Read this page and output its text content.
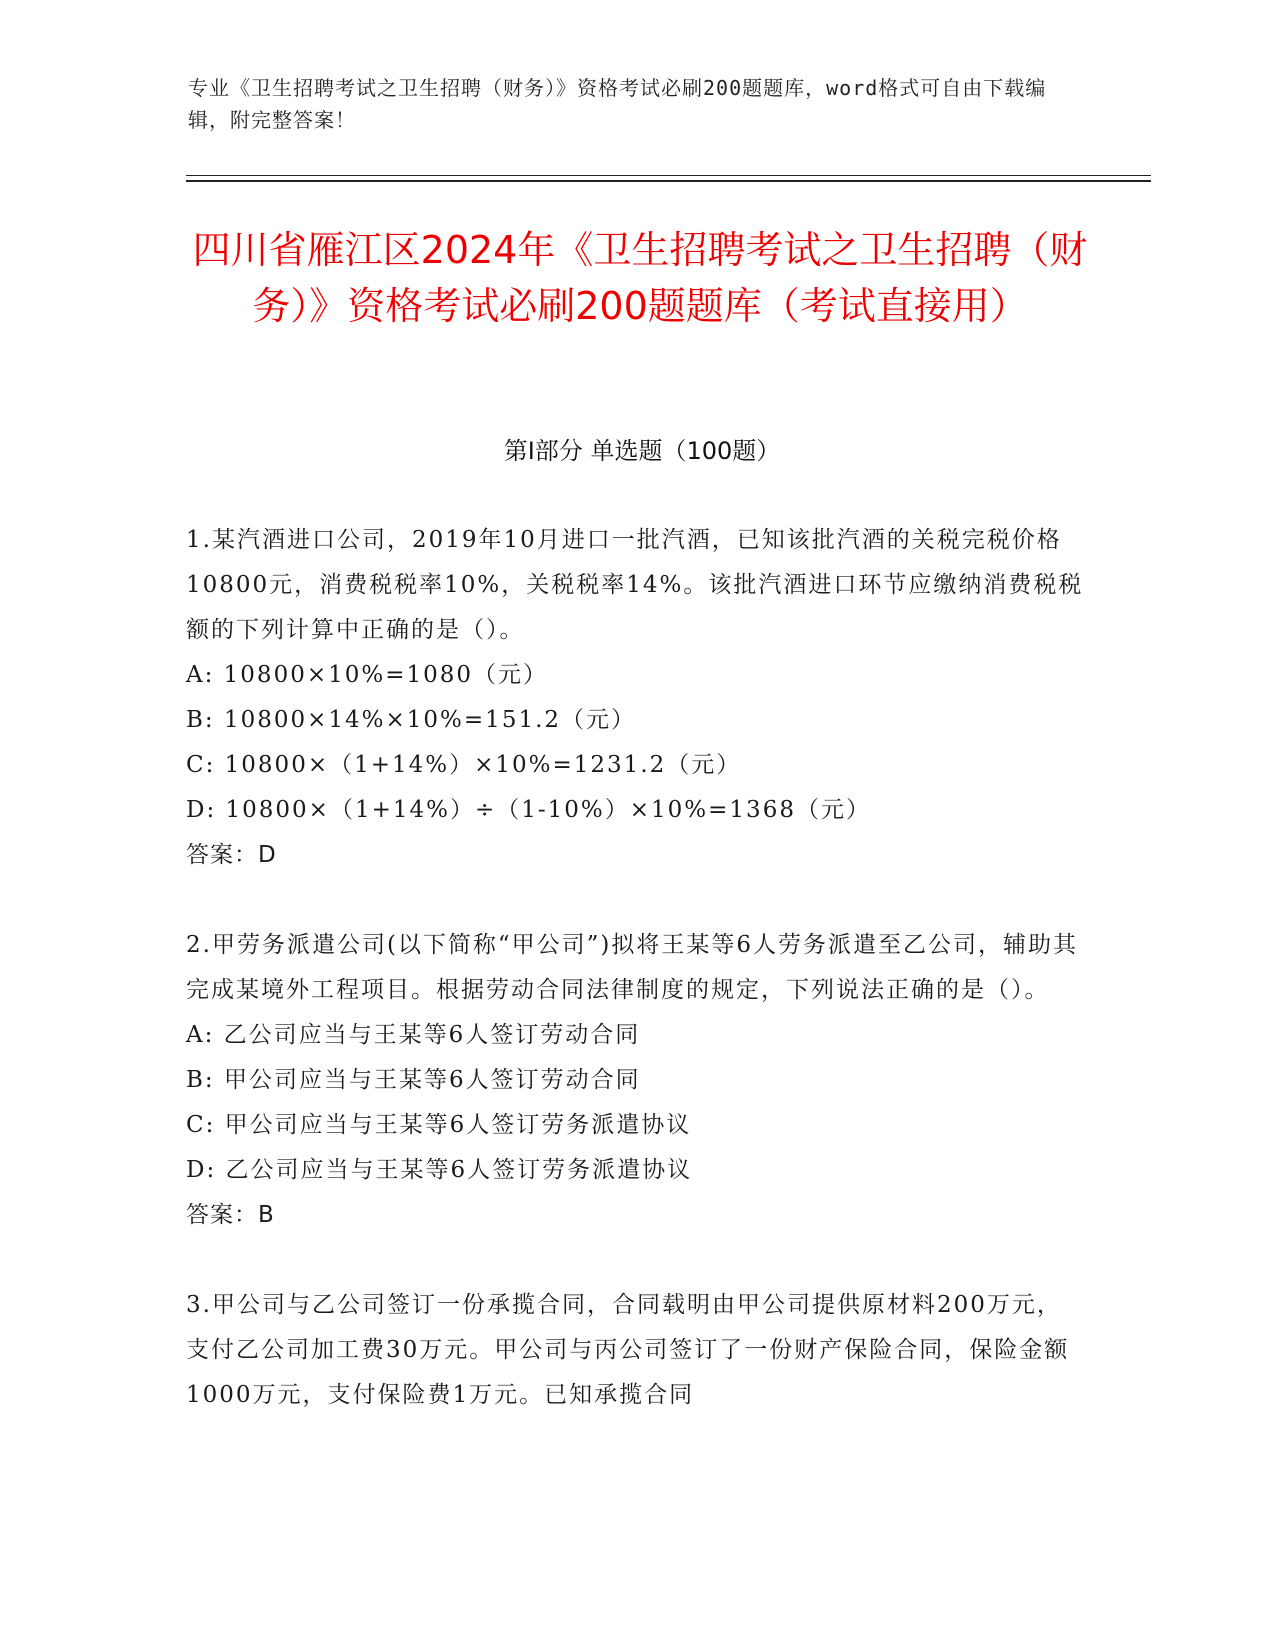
专业《卫生招聘考试之卫生招聘（财务）》资格考试必刷200题题库，word格式可自由下载编辑，附完整答案！
四川省雁江区2024年《卫生招聘考试之卫生招聘（财务）》资格考试必刷200题题库（考试直接用）
第I部分 单选题（100题）

1.某汽酒进口公司，2019年10月进口一批汽酒，已知该批汽酒的关税完税价格10800元，消费税税率10%，关税税率14%。该批汽酒进口环节应缴纳消费税税额的下列计算中正确的是（）。

A: 10800×10%=1080（元）

B: 10800×14%×10%=151.2（元）

C: 10800×（1+14%）×10%=1231.2（元）

D: 10800×（1+14%）÷（1-10%）×10%=1368（元）

答案：D

2.甲劳务派遣公司(以下简称“甲公司”)拟将王某等6人劳务派遣至乙公司，辅助其完成某境外工程项目。根据劳动合同法律制度的规定，下列说法正确的是（）。

A: 乙公司应当与王某等6人签订劳动合同

B: 甲公司应当与王某等6人签订劳动合同

C: 甲公司应当与王某等6人签订劳务派遣协议

D: 乙公司应当与王某等6人签订劳务派遣协议

答案：B

3.甲公司与乙公司签订一份承揽合同，合同载明由甲公司提供原材料200万元，支付乙公司加工费30万元。甲公司与丙公司签订了一份财产保险合同，保险金额1000万元，支付保险费1万元。已知承揽合同
